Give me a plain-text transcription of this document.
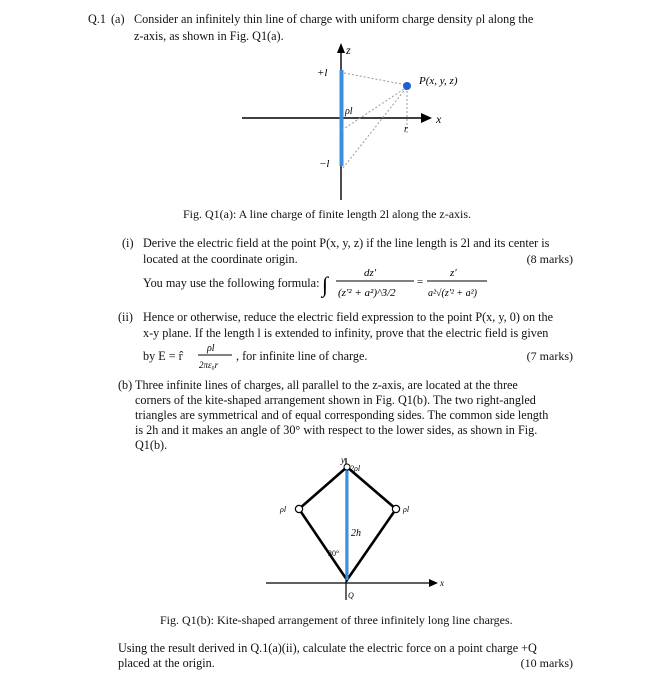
Q.1 (a) Consider an infinitely thin line of charge with uniform charge density ρl along the
z-axis, as shown in Fig. Q1(a).
z
+l
P(x, y, z)
ρl
r
x
−l
Fig. Q1(a): A line charge of finite length 2l along the z-axis.
(i) Derive the electric field at the point P(x, y, z) if the line length is 2l and its center is
located at the coordinate origin.	(8 marks)
You may use the following formula: ∫	dz'
(z'² + a²)^3/2
=
z'
a²√(z'² + a²)
(ii) Hence or otherwise, reduce the electric field expression to the point P(x, y, 0) on the
x-y plane. If the length l is extended to infinity, prove that the electric field is given
by E = r̂
ρl
2πε₀r
, for infinite line of charge.	(7 marks)
(b) Three infinite lines of charges, all parallel to the z-axis, are located at the three
corners of the kite-shaped arrangement shown in Fig. Q1(b). The two right-angled
triangles are symmetrical and of equal corresponding sides. The common side length
is 2h and it makes an angle of 30° with respect to the lower sides, as shown in Fig.
Q1(b).
y
2ρl
ρl	ρl
2h
30°
x
Q
Fig. Q1(b): Kite-shaped arrangement of three infinitely long line charges.
Using the result derived in Q.1(a)(ii), calculate the electric force on a point charge +Q
placed at the origin.	(10 marks)
